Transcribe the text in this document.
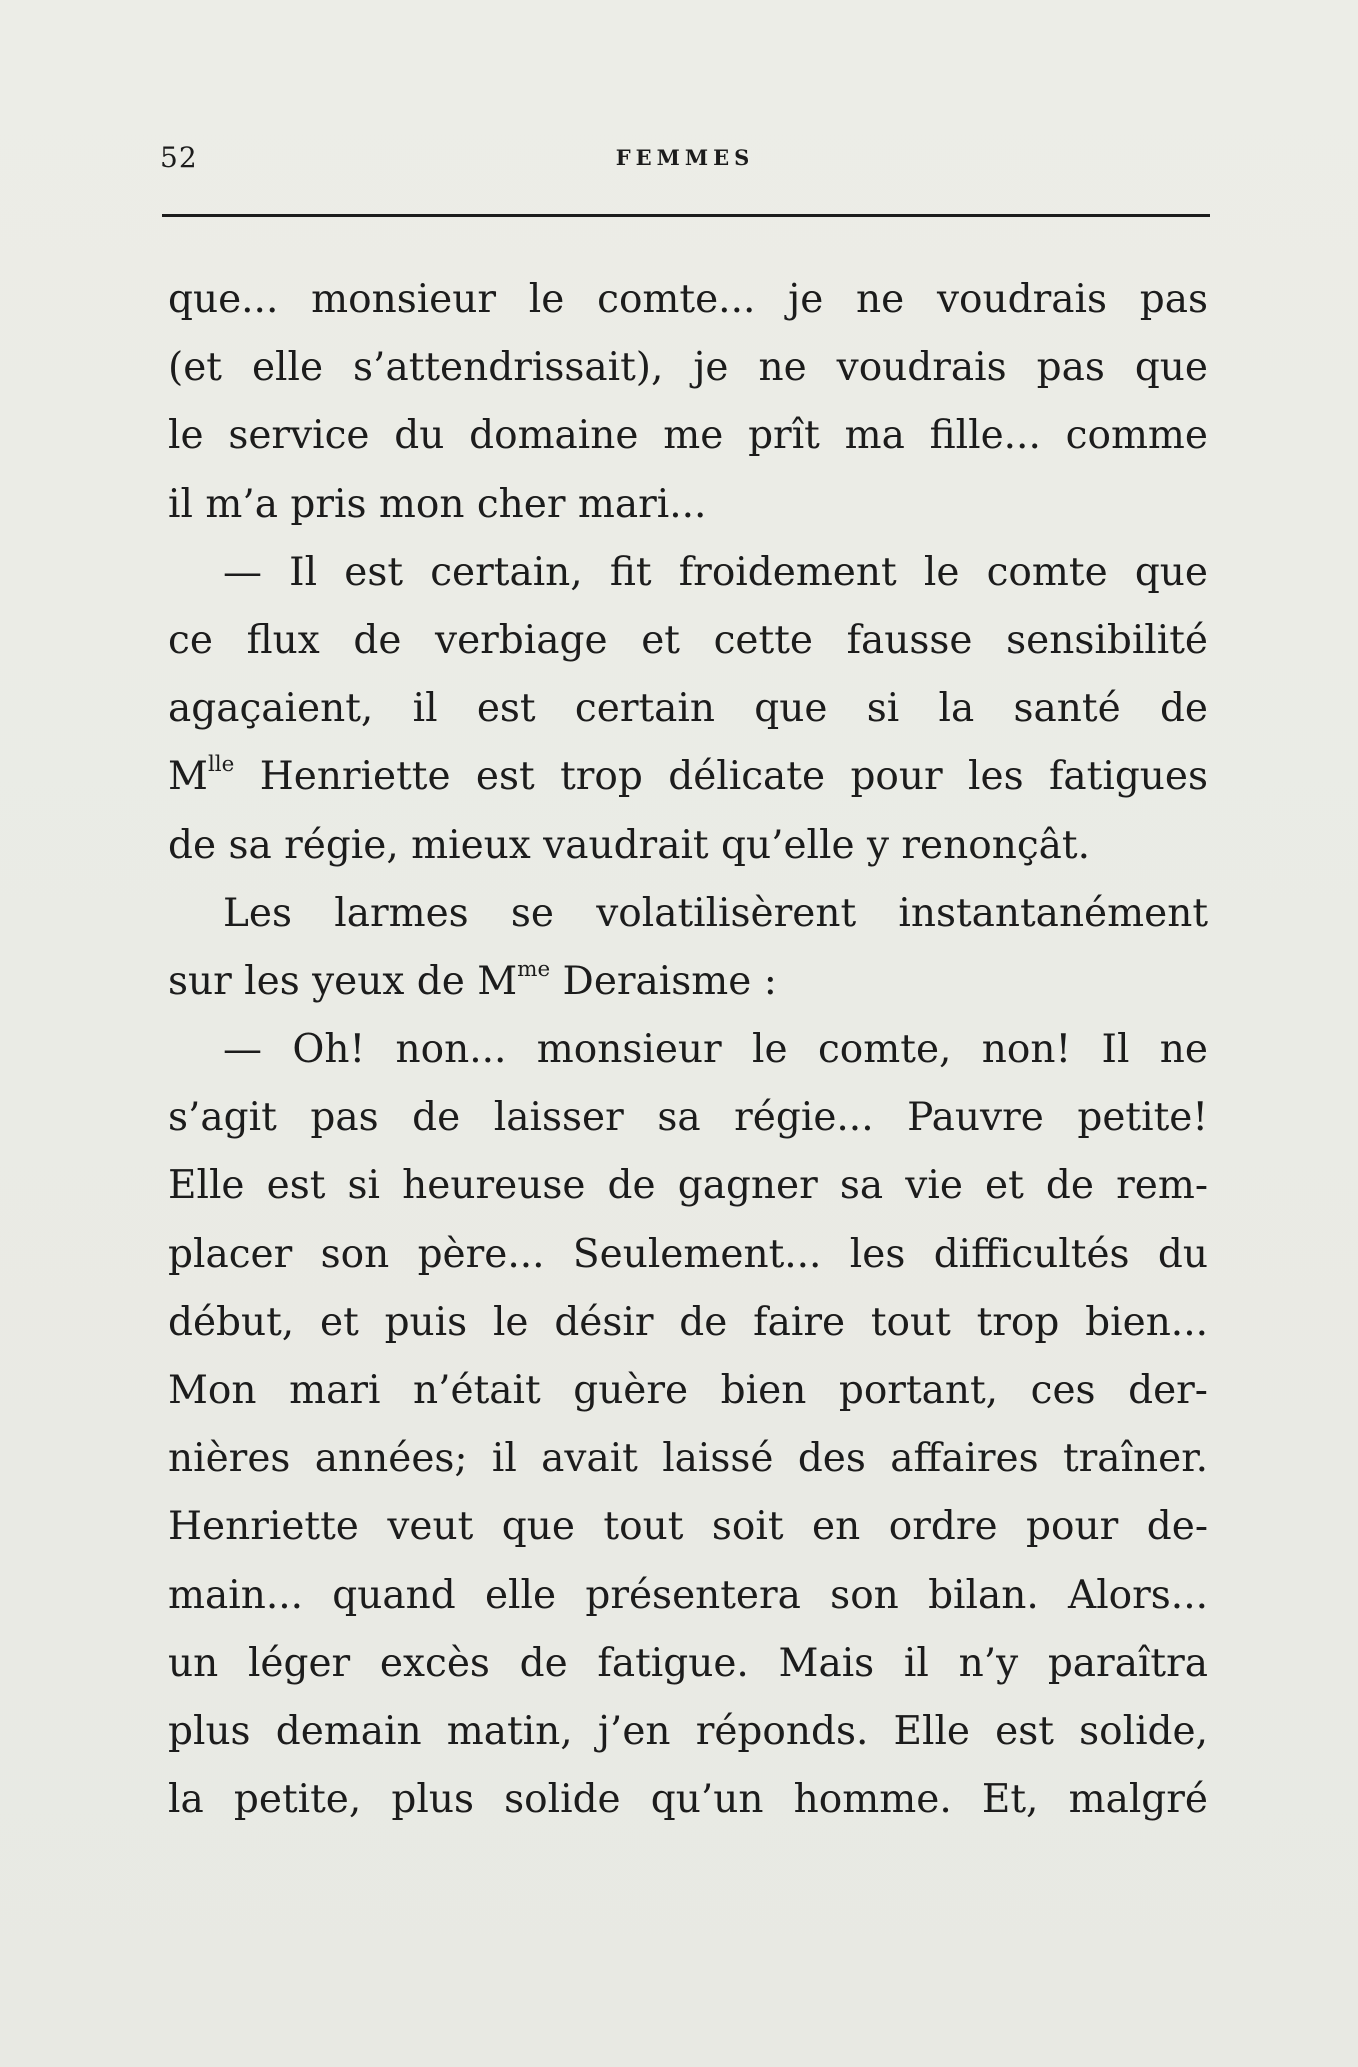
52	FEMMES
que... monsieur le comte... je ne voudrais pas
(et elle s’attendrissait), je ne voudrais pas que
le service du domaine me prît ma fille... comme
il m’a pris mon cher mari...
— Il est certain, fit froidement le comte que
ce flux de verbiage et cette fausse sensibilité
agaçaient, il est certain que si la santé de
$M^{lle}$ Henriette est trop délicate pour les fatigues
de sa régie, mieux vaudrait qu’elle y renonçât.
Les larmes se volatilisèrent instantanément
sur les yeux de $M^{me}$ Deraisme :
— Oh! non... monsieur le comte, non! Il ne
s’agit pas de laisser sa régie... Pauvre petite!
Elle est si heureuse de gagner sa vie et de rem-
placer son père... Seulement... les difficultés du
début, et puis le désir de faire tout trop bien...
Mon mari n’était guère bien portant, ces der-
nières années; il avait laissé des affaires traîner.
Henriette veut que tout soit en ordre pour de-
main... quand elle présentera son bilan. Alors...
un léger excès de fatigue. Mais il n’y paraîtra
plus demain matin, j’en réponds. Elle est solide,
la petite, plus solide qu’un homme. Et, malgré
